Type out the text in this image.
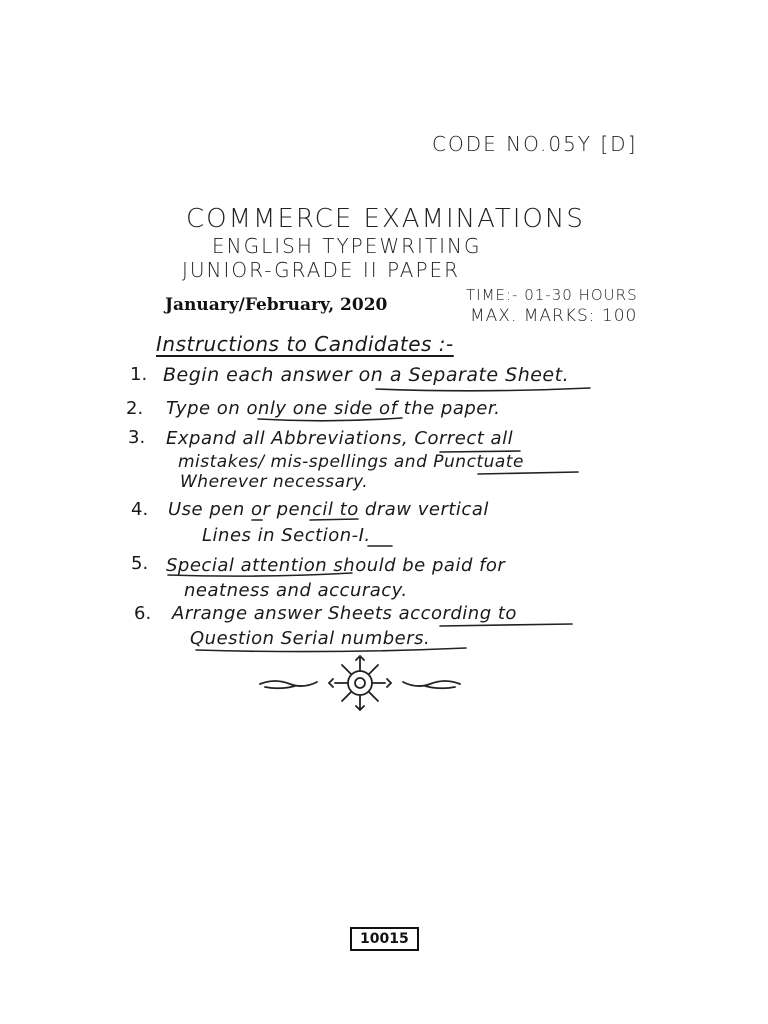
CODE NO.05Y [D]
COMMERCE EXAMINATIONS
ENGLISH TYPEWRITING
JUNIOR-GRADE II PAPER
January/February, 2020	TIME:- 01-30 HOURS
MAX. MARKS: 100
Instructions to Candidates :-
1. Begin each answer on a Separate Sheet.
2. Type on only one side of the paper.
3. Expand all Abbreviations, Correct all
mistakes/ mis-spellings and Punctuate
Wherever necessary.
4. Use pen or pencil to draw vertical
Lines in Section-I.
5. Special attention should be paid for
neatness and accuracy.
6. Arrange answer Sheets according to
Question Serial numbers.
10015
